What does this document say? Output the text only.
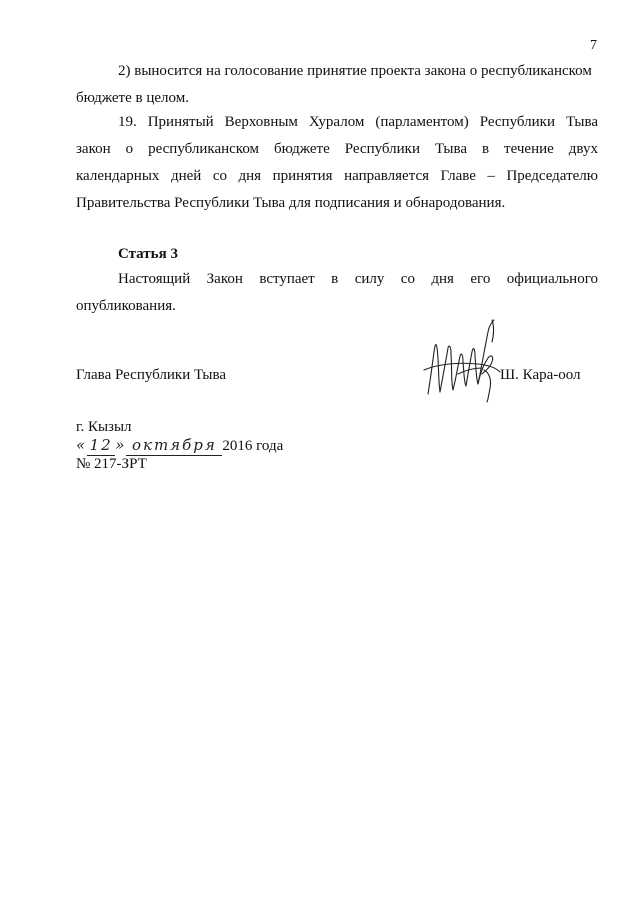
7
2) выносится на голосование принятие проекта закона о республиканском
бюджете в целом.
19. Принятый Верховным Хуралом (парламентом) Республики Тыва
закон о республиканском бюджете Республики Тыва в течение двух
календарных дней со дня принятия направляется Главе – Председателю
Правительства Республики Тыва для подписания и обнародования.
Статья 3
Настоящий Закон вступает в силу со дня его официального
опубликования.
Глава Республики Тыва	Ш. Кара-оол
г. Кызыл
« 12 » октября 2016 года
№ 217-ЗРТ
